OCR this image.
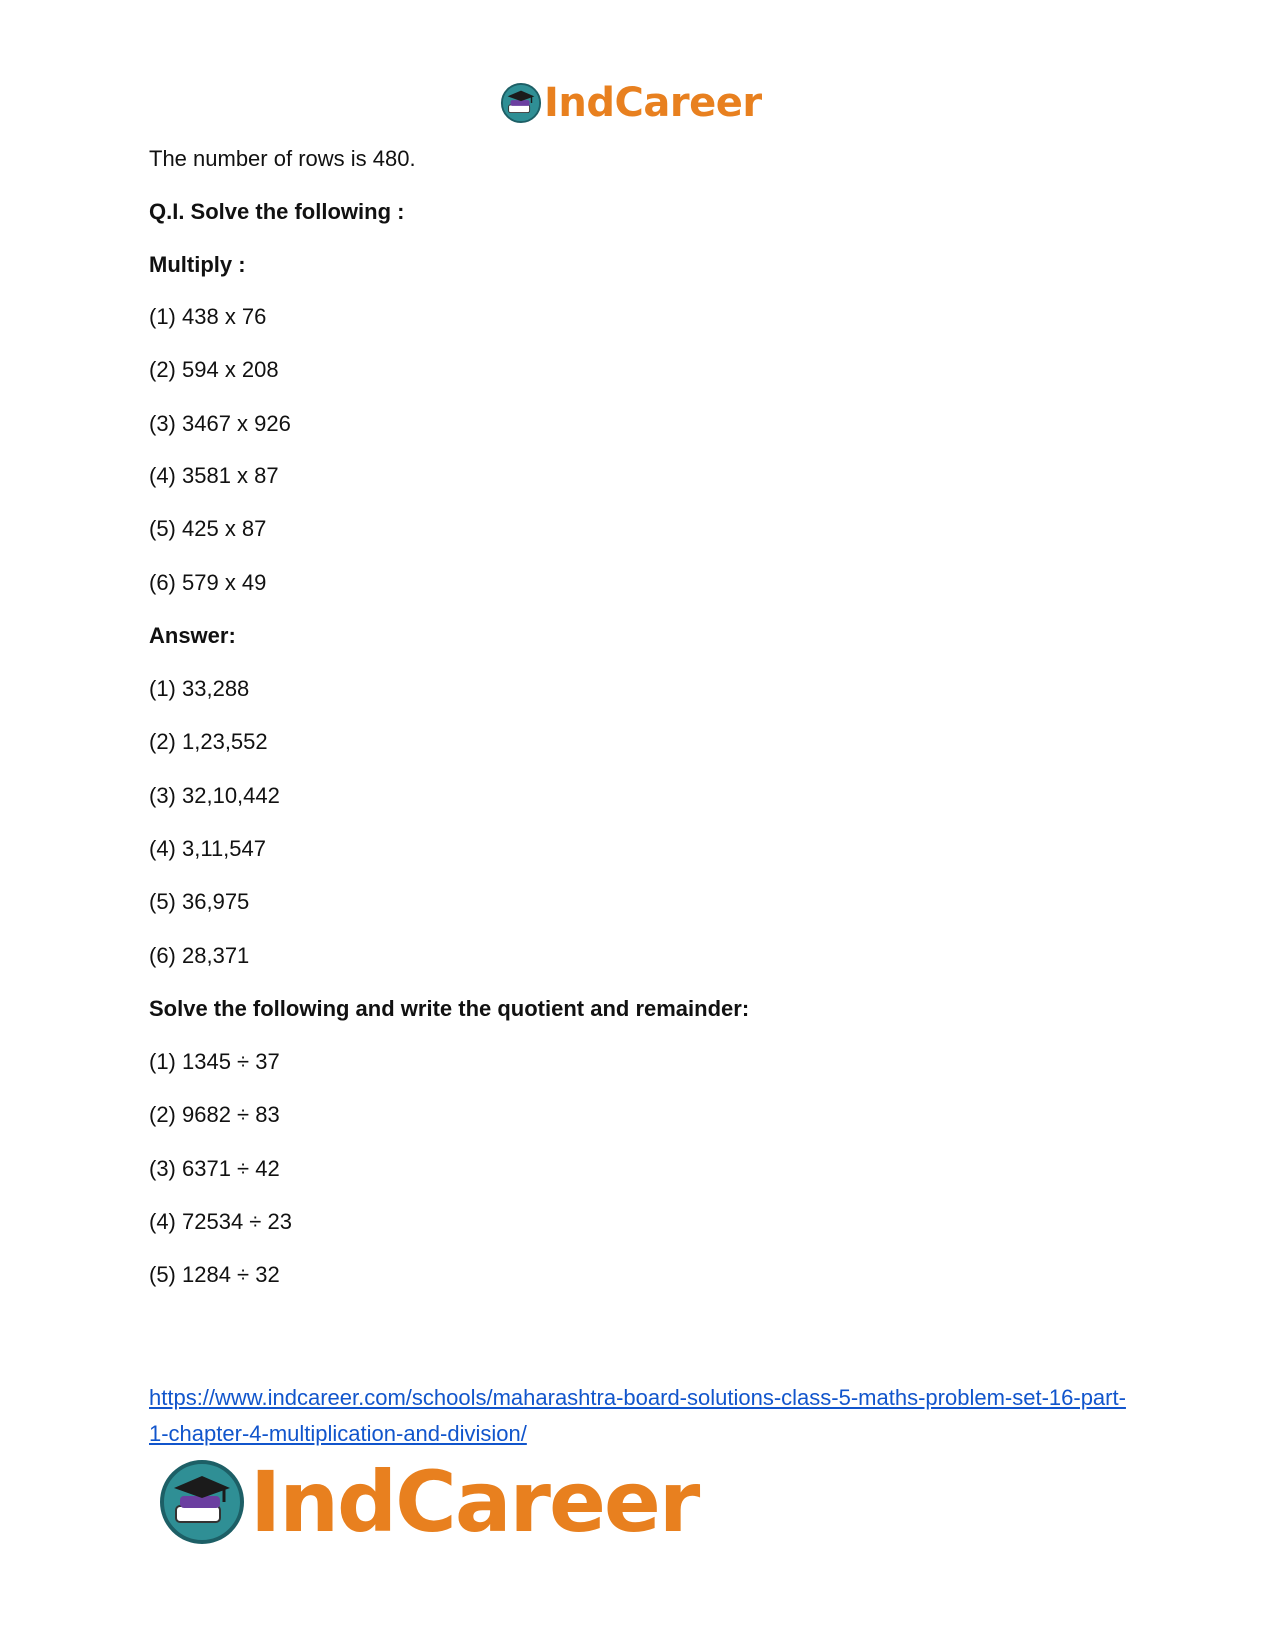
IndCareer
The number of rows is 480.
Q.I. Solve the following :
Multiply :
(1) 438 x 76
(2) 594 x 208
(3) 3467 x 926
(4) 3581 x 87
(5) 425 x 87
(6) 579 x 49
Answer:
(1) 33,288
(2) 1,23,552
(3) 32,10,442
(4) 3,11,547
(5) 36,975
(6) 28,371
Solve the following and write the quotient and remainder:
(1) 1345 ÷ 37
(2) 9682 ÷ 83
(3) 6371 ÷ 42
(4) 72534 ÷ 23
(5) 1284 ÷ 32
https://www.indcareer.com/schools/maharashtra-board-solutions-class-5-maths-problem-set-16-part-1-chapter-4-multiplication-and-division/
IndCareer
